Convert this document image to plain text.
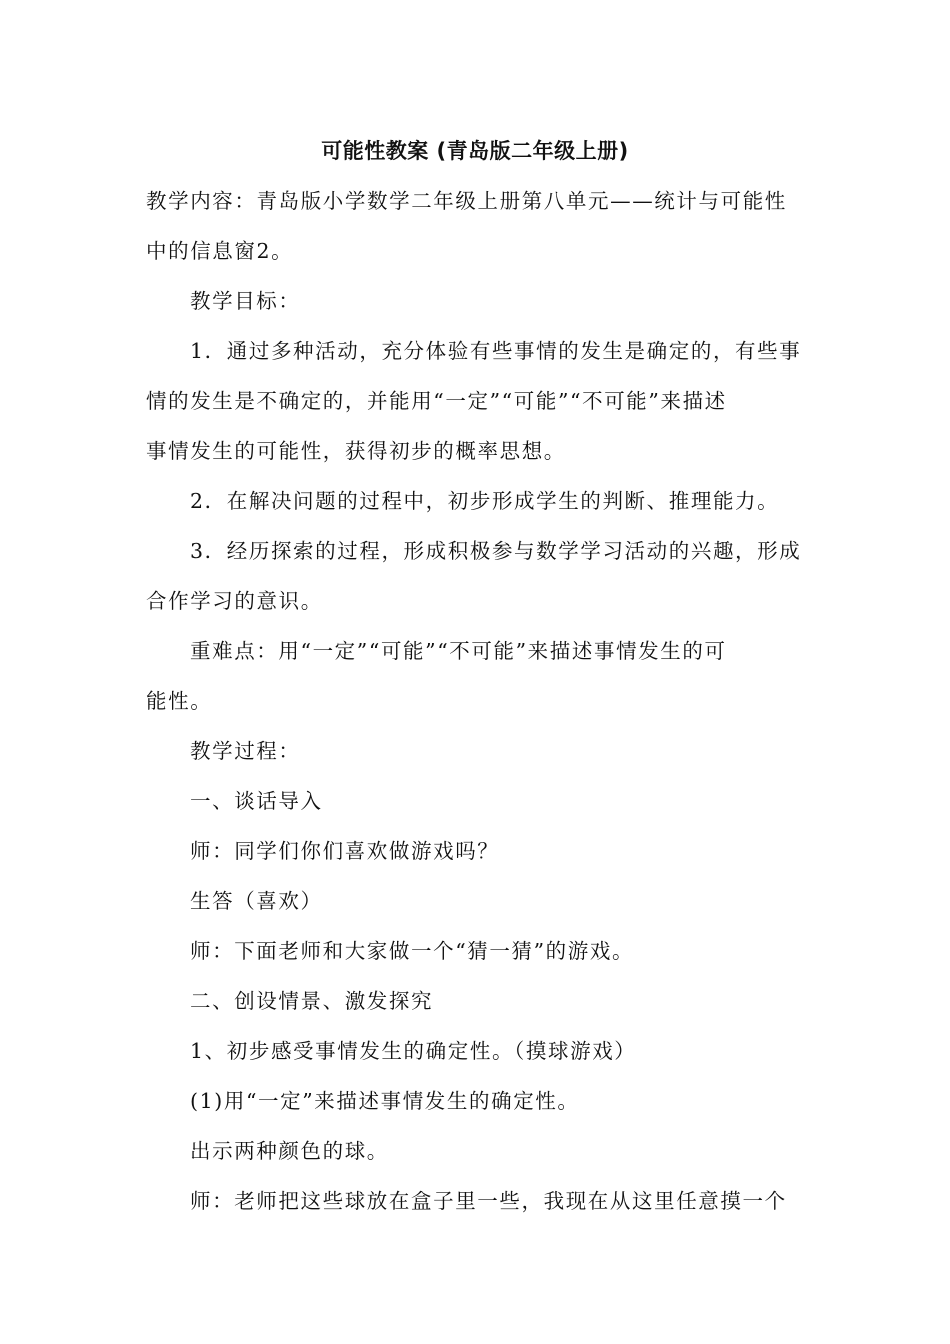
可能性教案 (青岛版二年级上册)
教学内容：青岛版小学数学二年级上册第八单元——统计与可能性
中的信息窗2。
教学目标：
1．通过多种活动，充分体验有些事情的发生是确定的，有些事
情的发生是不确定的，并能用“一定”“可能”“不可能”来描述
事情发生的可能性，获得初步的概率思想。
2．在解决问题的过程中，初步形成学生的判断、推理能力。
3．经历探索的过程，形成积极参与数学学习活动的兴趣，形成
合作学习的意识。
重难点：用“一定”“可能”“不可能”来描述事情发生的可
能性。
教学过程：
一、谈话导入
师：同学们你们喜欢做游戏吗？
生答（喜欢）
师：下面老师和大家做一个“猜一猜”的游戏。
二、创设情景、激发探究
1、初步感受事情发生的确定性。（摸球游戏）
(1)用“一定”来描述事情发生的确定性。
出示两种颜色的球。
师：老师把这些球放在盒子里一些，我现在从这里任意摸一个
